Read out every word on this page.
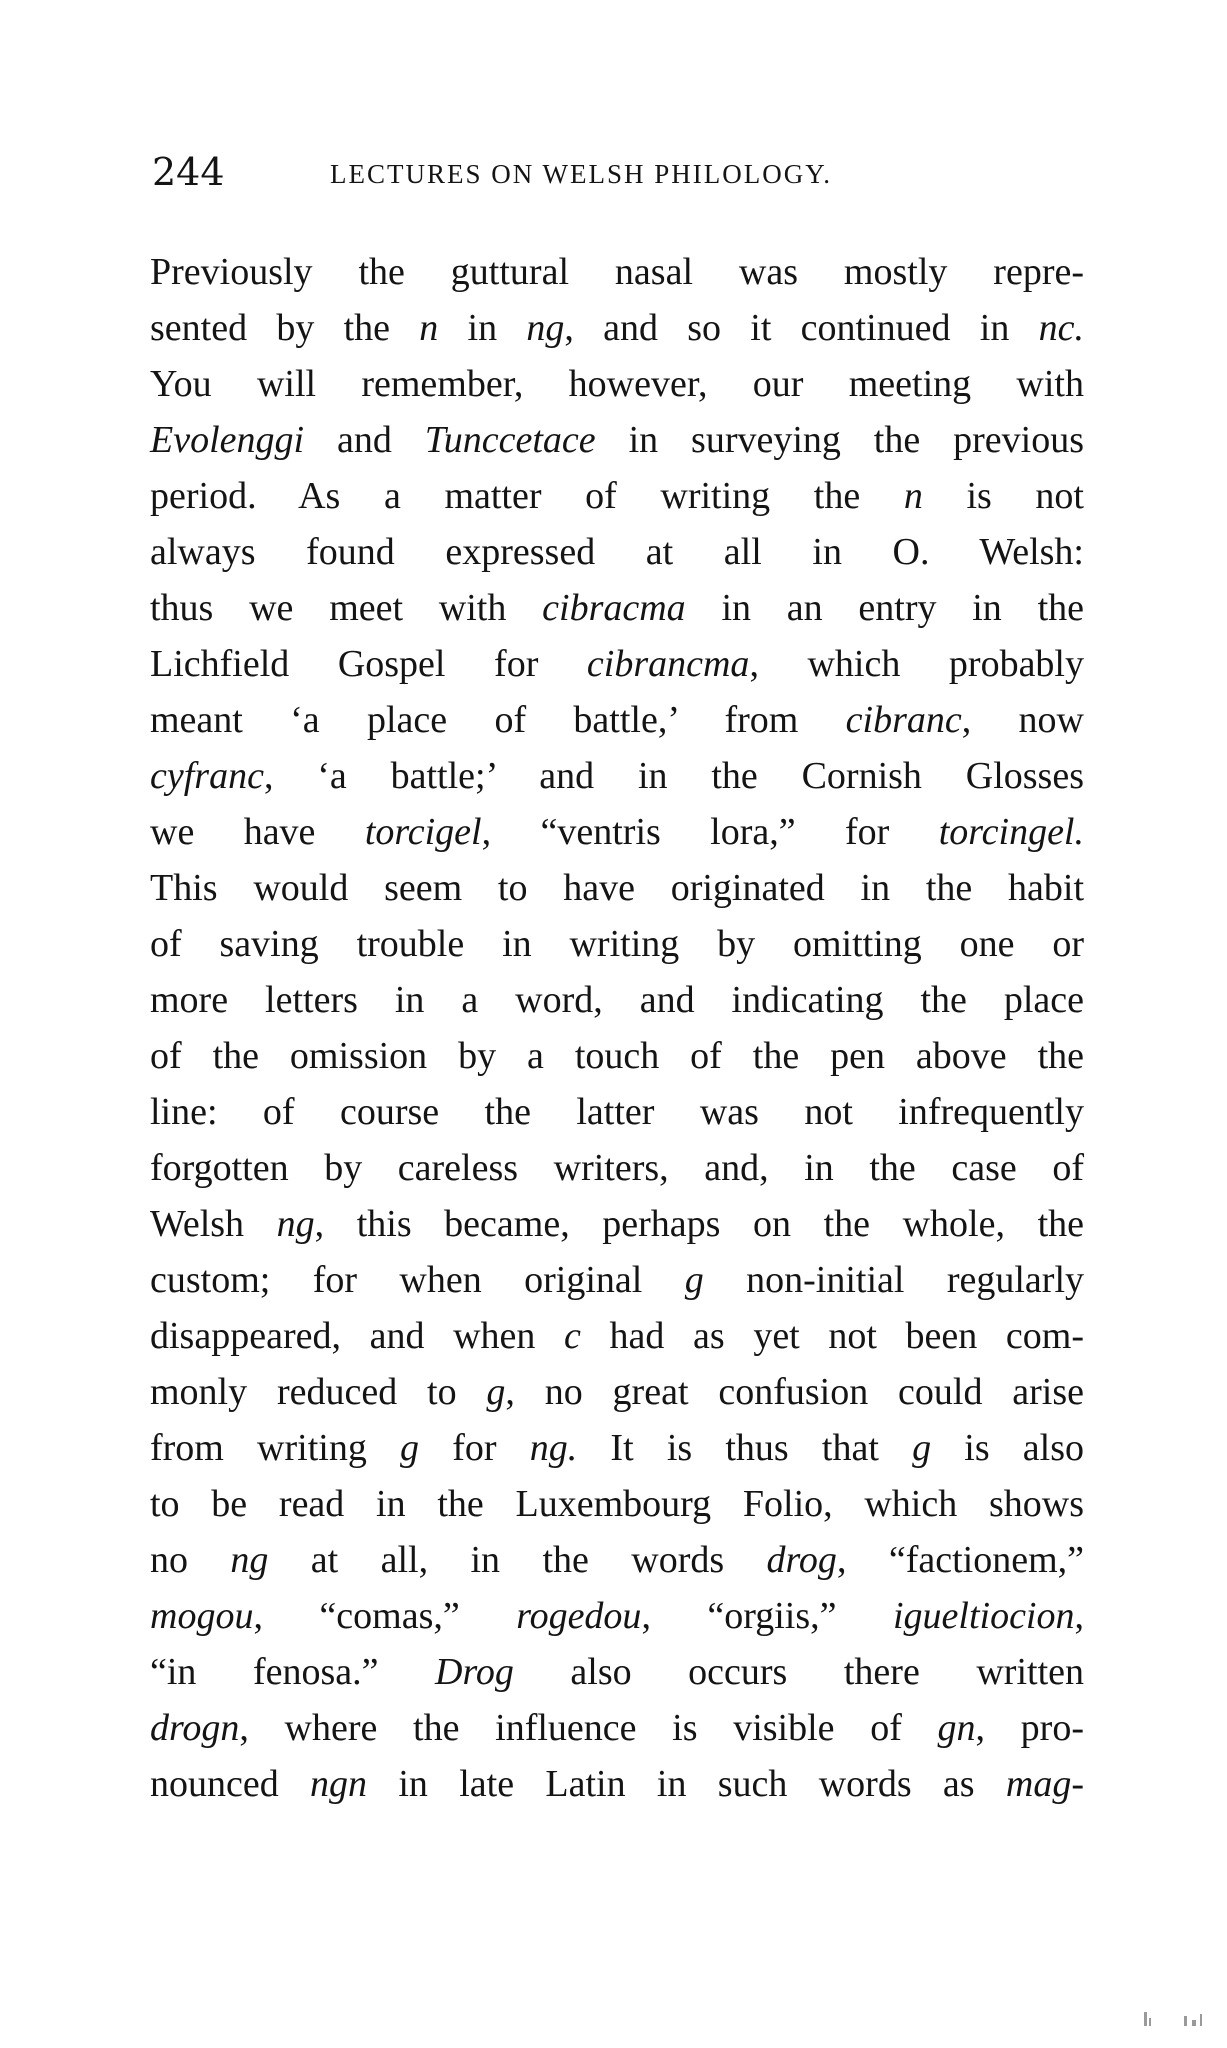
244	LECTURES ON WELSH PHILOLOGY.
Previously the guttural nasal was mostly repre-
sented by the n in ng, and so it continued in nc.
You will remember, however, our meeting with
Evolenggi and Tunccetace in surveying the previous
period. As a matter of writing the n is not
always found expressed at all in O. Welsh:
thus we meet with cibracma in an entry in the
Lichfield Gospel for cibrancma, which probably
meant ‘a place of battle,’ from cibranc, now
cyfranc, ‘a battle;’ and in the Cornish Glosses
we have torcigel, “ventris lora,” for torcingel.
This would seem to have originated in the habit
of saving trouble in writing by omitting one or
more letters in a word, and indicating the place
of the omission by a touch of the pen above the
line: of course the latter was not infrequently
forgotten by careless writers, and, in the case of
Welsh ng, this became, perhaps on the whole, the
custom; for when original g non-initial regularly
disappeared, and when c had as yet not been com-
monly reduced to g, no great confusion could arise
from writing g for ng. It is thus that g is also
to be read in the Luxembourg Folio, which shows
no ng at all, in the words drog, “factionem,”
mogou, “comas,” rogedou, “orgiis,” igueltiocion,
“in fenosa.” Drog also occurs there written
drogn, where the influence is visible of gn, pro-
nounced ngn in late Latin in such words as mag-
